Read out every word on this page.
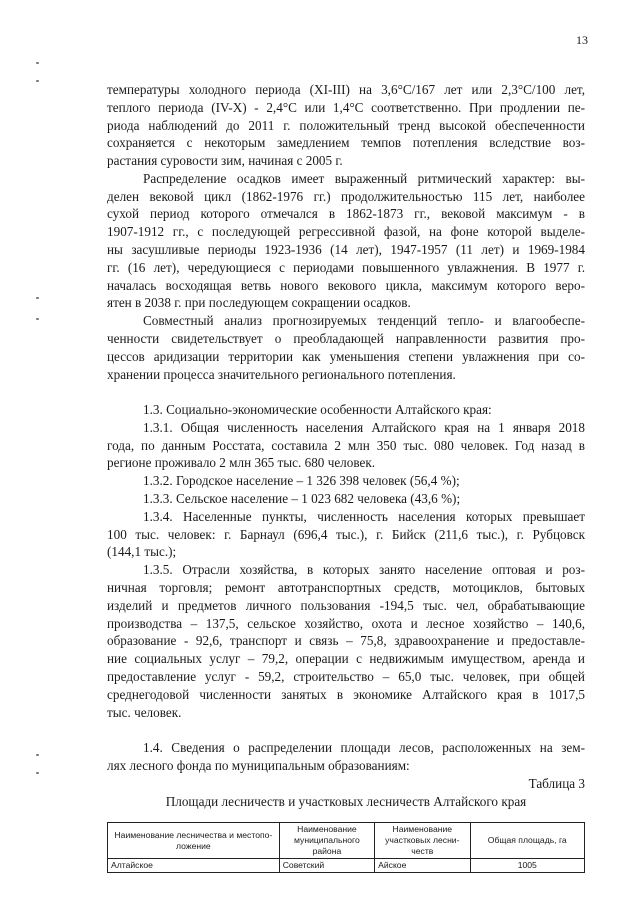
13
температуры холодного периода (XI-III) на 3,6°C/167 лет или 2,3°C/100 лет,
теплого периода (IV-X) - 2,4°C или 1,4°C соответственно. При продлении пе-
риода наблюдений до 2011 г. положительный тренд высокой обеспеченности
сохраняется с некоторым замедлением темпов потепления вследствие воз-
растания суровости зим, начиная с 2005 г.
Распределение осадков имеет выраженный ритмический характер: вы-
делен вековой цикл (1862-1976 гг.) продолжительностью 115 лет, наиболее
сухой период которого отмечался в 1862-1873 гг., вековой максимум - в
1907-1912 гг., с последующей регрессивной фазой, на фоне которой выделе-
ны засушливые периоды 1923-1936 (14 лет), 1947-1957 (11 лет) и 1969-1984
гг. (16 лет), чередующиеся с периодами повышенного увлажнения. В 1977 г.
началась восходящая ветвь нового векового цикла, максимум которого веро-
ятен в 2038 г. при последующем сокращении осадков.
Совместный анализ прогнозируемых тенденций тепло- и влагообеспе-
ченности свидетельствует о преобладающей направленности развития про-
цессов аридизации территории как уменьшения степени увлажнения при со-
хранении процесса значительного регионального потепления.
1.3. Социально-экономические особенности Алтайского края:
1.3.1. Общая численность населения Алтайского края на 1 января 2018
года, по данным Росстата, составила 2 млн 350 тыс. 080 человек. Год назад в
регионе проживало 2 млн 365 тыс. 680 человек.
1.3.2. Городское население – 1 326 398 человек (56,4 %);
1.3.3. Сельское население – 1 023 682 человека (43,6 %);
1.3.4. Населенные пункты, численность населения которых превышает
100 тыс. человек: г. Барнаул (696,4 тыс.), г. Бийск (211,6 тыс.), г. Рубцовск
(144,1 тыс.);
1.3.5. Отрасли хозяйства, в которых занято население оптовая и роз-
ничная торговля; ремонт автотранспортных средств, мотоциклов, бытовых
изделий и предметов личного пользования -194,5 тыс. чел, обрабатывающие
производства – 137,5, сельское хозяйство, охота и лесное хозяйство – 140,6,
образование - 92,6, транспорт и связь – 75,8, здравоохранение и предоставле-
ние социальных услуг – 79,2, операции с недвижимым имуществом, аренда и
предоставление услуг - 59,2, строительство – 65,0 тыс. человек, при общей
среднегодовой численности занятых в экономике Алтайского края в 1017,5
тыс. человек.
1.4. Сведения о распределении площади лесов, расположенных на зем-
лях лесного фонда по муниципальным образованиям:
Таблица 3
Площади лесничеств и участковых лесничеств Алтайского края
Наименование лесничества и местопо-ложение	Наименование муниципального района	Наименование участковых лесни-честв	Общая площадь, га
Алтайское	Советский	Айское	1005
